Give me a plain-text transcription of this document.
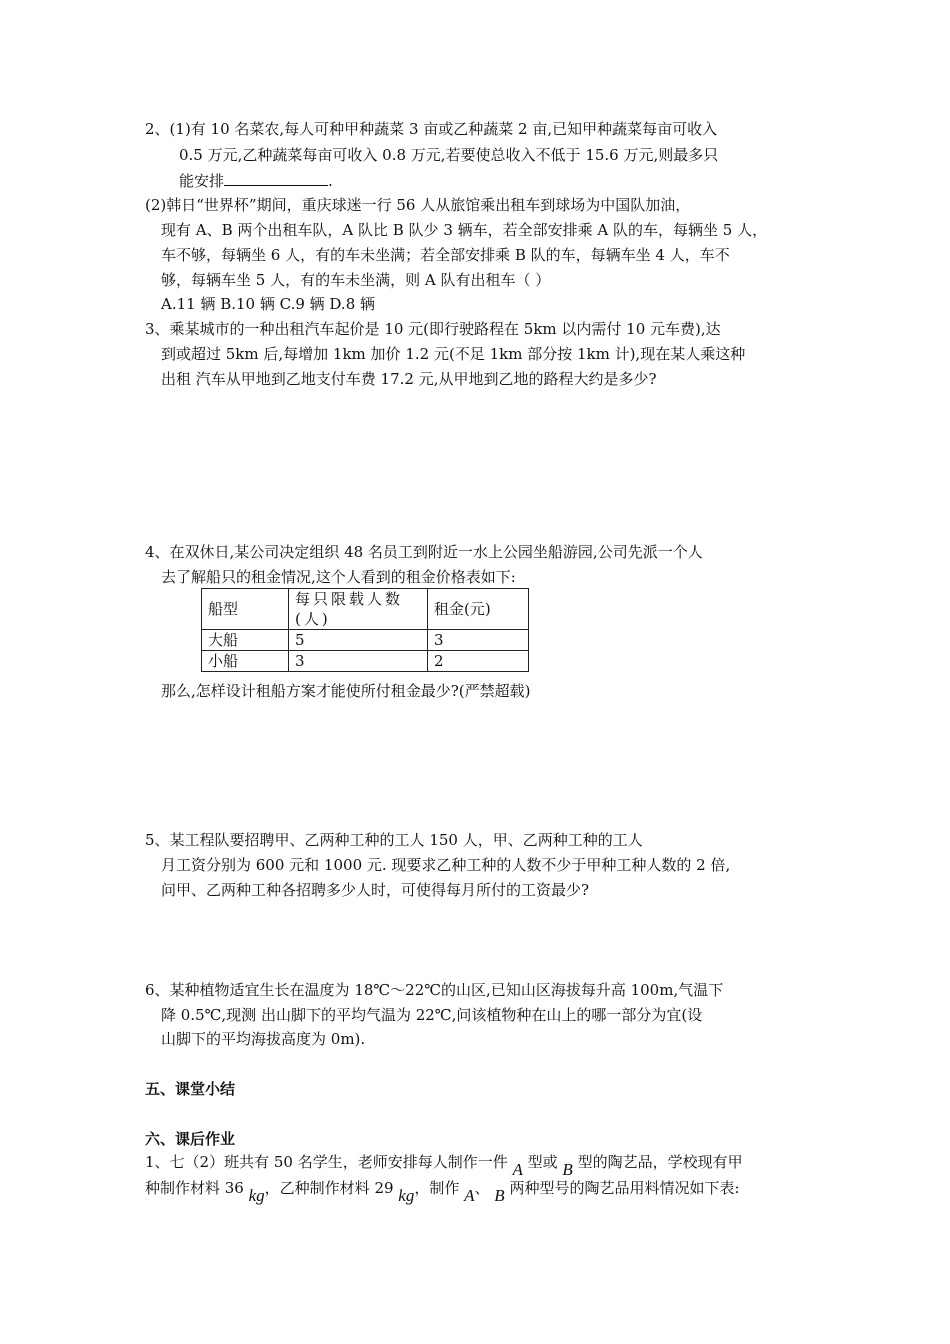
2、(1)有 10 名菜农,每人可种甲种蔬菜 3 亩或乙种蔬菜 2 亩,已知甲种蔬菜每亩可收入
0.5 万元,乙种蔬菜每亩可收入 0.8 万元,若要使总收入不低于 15.6 万元,则最多只
能安排	.
(2)韩日“世界杯”期间，重庆球迷一行 56 人从旅馆乘出租车到球场为中国队加油，
现有 A、B 两个出租车队，A 队比 B 队少 3 辆车，若全部安排乘 A 队的车，每辆坐 5 人，
车不够，每辆坐 6 人，有的车未坐满；若全部安排乘 B 队的车，每辆车坐 4 人，车不
够，每辆车坐 5 人，有的车未坐满，则 A 队有出租车（ ）
A.11 辆 B.10 辆 C.9 辆 D.8 辆
3、乘某城市的一种出租汽车起价是 10 元(即行驶路程在 5km 以内需付 10 元车费),达
到或超过 5km 后,每增加 1km 加价 1.2 元(不足 1km 部分按 1km 计),现在某人乘这种
出租 汽车从甲地到乙地支付车费 17.2 元,从甲地到乙地的路程大约是多少?
4、在双休日,某公司决定组织 48 名员工到附近一水上公园坐船游园,公司先派一个人
去了解船只的租金情况,这个人看到的租金价格表如下:
船型	每只限载人数(人)	租金(元)
大船	5	3
小船	3	2
那么,怎样设计租船方案才能使所付租金最少?(严禁超载)
5、某工程队要招聘甲、乙两种工种的工人 150 人，甲、乙两种工种的工人
月工资分别为 600 元和 1000 元. 现要求乙种工种的人数不少于甲种工种人数的 2 倍,
问甲、乙两种工种各招聘多少人时，可使得每月所付的工资最少?
6、某种植物适宜生长在温度为 18℃～22℃的山区,已知山区海拔每升高 100m,气温下
降 0.5℃,现测 出山脚下的平均气温为 22℃,问该植物种在山上的哪一部分为宜(设
山脚下的平均海拔高度为 0m).
五、课堂小结
六、课后作业
1、七（2）班共有 50 名学生，老师安排每人制作一件 A 型或 B 型的陶艺品，学校现有甲
种制作材料 36 kg，乙种制作材料 29 kg，制作 A、 B 两种型号的陶艺品用料情况如下表:
